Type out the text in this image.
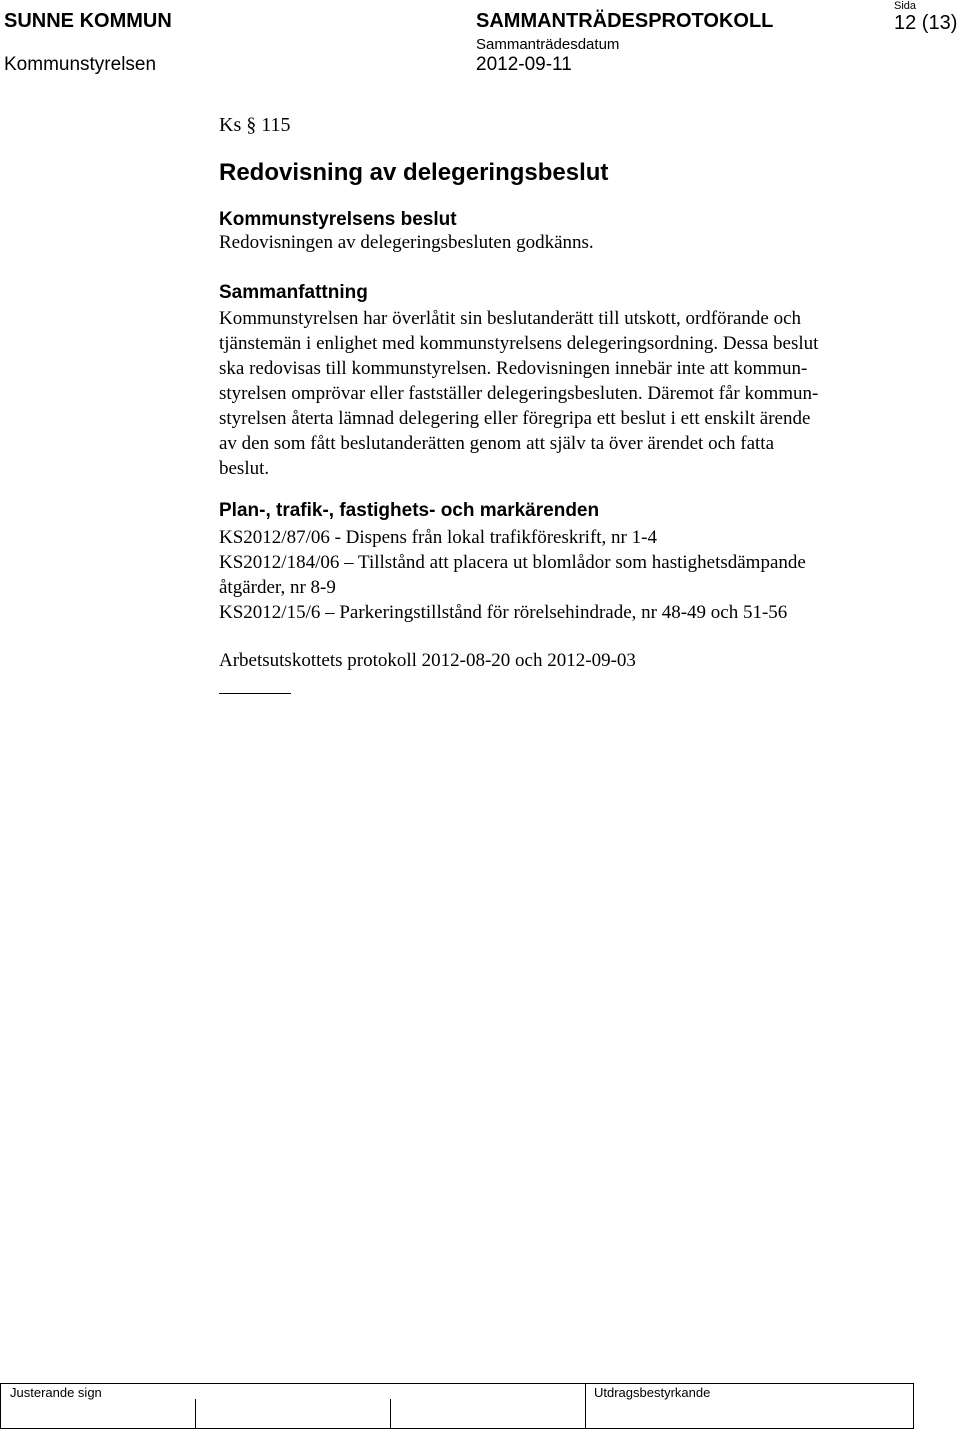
SUNNE KOMMUN
Kommunstyrelsen
SAMMANTRÄDESPROTOKOLL
Sammanträdesdatum
2012-09-11
Sida
12 (13)
Ks § 115
Redovisning av delegeringsbeslut
Kommunstyrelsens beslut
Redovisningen av delegeringsbesluten godkänns.
Sammanfattning
Kommunstyrelsen har överlåtit sin beslutanderätt till utskott, ordförande och
tjänstemän i enlighet med kommunstyrelsens delegeringsordning. Dessa beslut
ska redovisas till kommunstyrelsen. Redovisningen innebär inte att kommun-
styrelsen omprövar eller fastställer delegeringsbesluten. Däremot får kommun-
styrelsen återta lämnad delegering eller föregripa ett beslut i ett enskilt ärende
av den som fått beslutanderätten genom att själv ta över ärendet och fatta
beslut.
Plan-, trafik-, fastighets- och markärenden
KS2012/87/06 - Dispens från lokal trafikföreskrift, nr 1-4
KS2012/184/06 – Tillstånd att placera ut blomlådor som hastighetsdämpande
åtgärder, nr 8-9
KS2012/15/6 – Parkeringstillstånd för rörelsehindrade, nr 48-49 och 51-56
Arbetsutskottets protokoll 2012-08-20 och 2012-09-03
Justerande sign	Utdragsbestyrkande
